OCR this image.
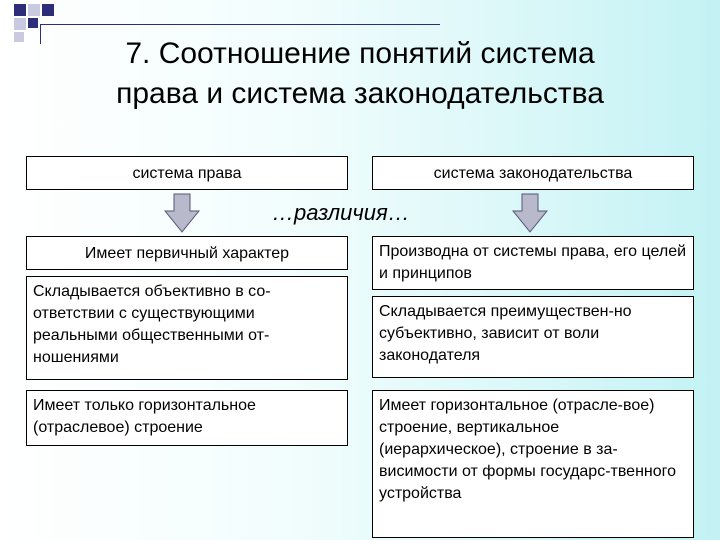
7. Соотношение понятий система
права и система законодательства
система права	система законодательства
…различия…
Имеет первичный характер
Складывается объективно в со-ответствии с существующими реальными общественными от-ношениями
Имеет только горизонтальное (отраслевое) строение
Производна от системы права, его целей и принципов
Складывается преимуществен-но субъективно, зависит от воли законодателя
Имеет горизонтальное (отрасле-вое) строение, вертикальное (иерархическое), строение в за-висимости от формы государс-твенного устройства
